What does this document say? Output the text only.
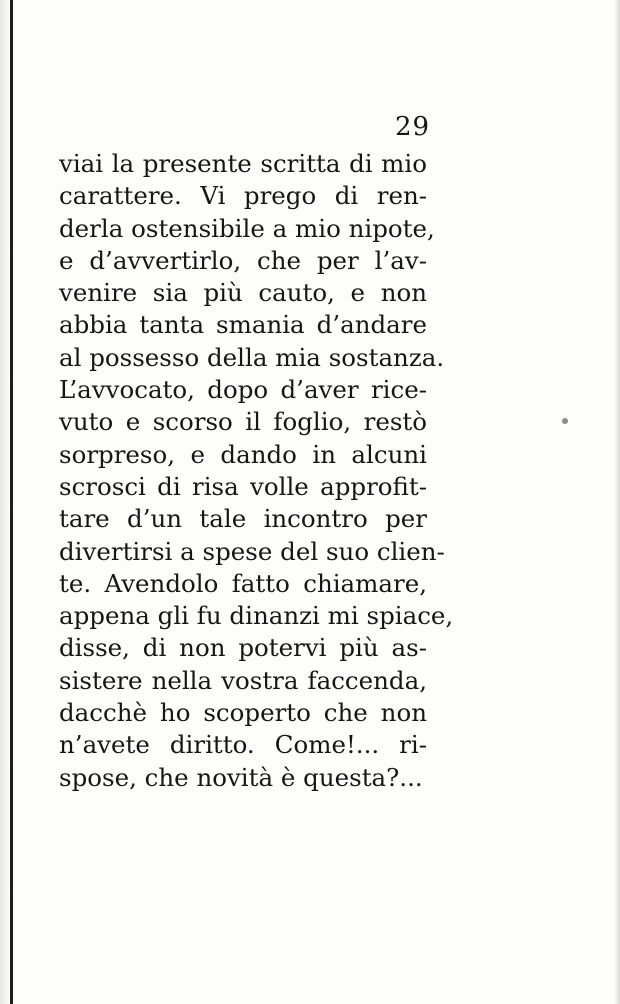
29
viai la presente scritta di mio
carattere. Vi prego di ren-
derla ostensibile a mio nipote,
e d’avvertirlo, che per l’av-
venire sia più cauto, e non
abbia tanta smania d’andare
al possesso della mia sostanza.
L’avvocato, dopo d’aver rice-
vuto e scorso il foglio, restò
sorpreso, e dando in alcuni
scrosci di risa volle approfit-
tare d’un tale incontro per
divertirsi a spese del suo clien-
te. Avendolo fatto chiamare,
appena gli fu dinanzi mi spiace,
disse, di non potervi più as-
sistere nella vostra faccenda,
dacchè ho scoperto che non
n’avete diritto. Come!... ri-
spose, che novità è questa?...
